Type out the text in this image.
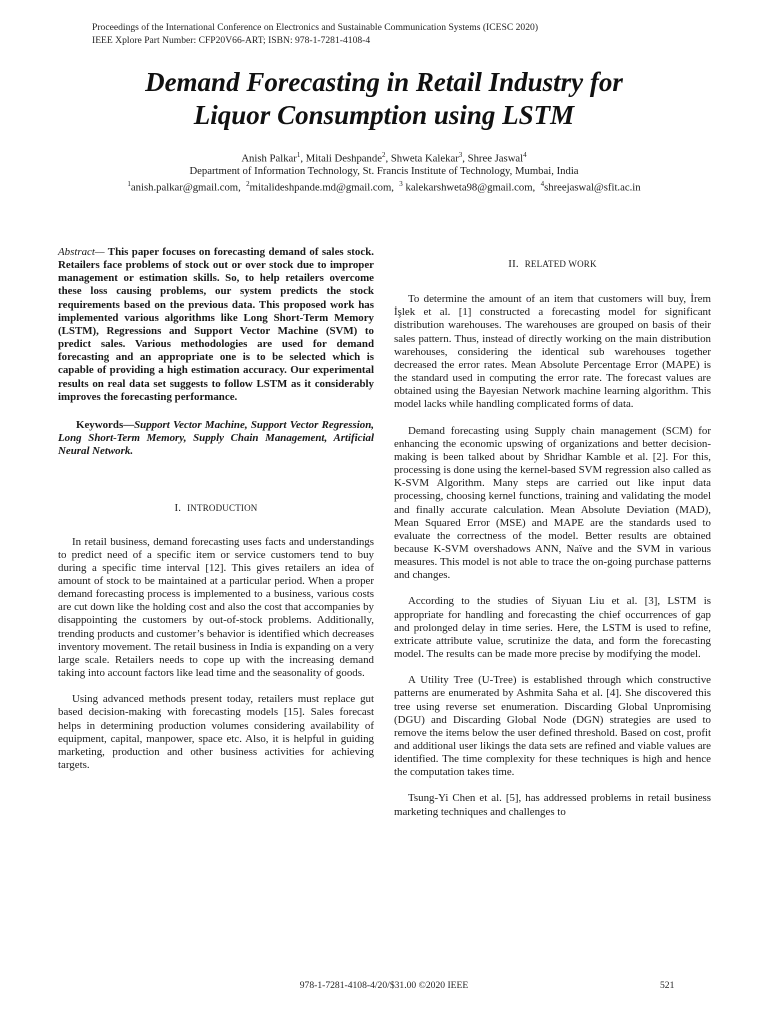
Proceedings of the International Conference on Electronics and Sustainable Communication Systems (ICESC 2020)
IEEE Xplore Part Number: CFP20V66-ART; ISBN: 978-1-7281-4108-4
Demand Forecasting in Retail Industry for
Liquor Consumption using LSTM
Anish Palkar$^1$, Mitali Deshpande$^2$, Shweta Kalekar$^3$, Shree Jaswal$^4$
Department of Information Technology, St. Francis Institute of Technology, Mumbai, India
$^1$anish.palkar@gmail.com, $^2$mitalideshpande.md@gmail.com, $^3$ kalekarshweta98@gmail.com, $^4$shreejaswal@sfit.ac.in

Abstract— This paper focuses on forecasting demand of sales stock. Retailers face problems of stock out or over stock due to improper management or estimation skills. So, to help retailers overcome these loss causing problems, our system predicts the stock requirements based on the previous data. This proposed work has implemented various algorithms like Long Short-Term Memory (LSTM), Regressions and Support Vector Machine (SVM) to predict sales. Various methodologies are used for demand forecasting and an appropriate one is to be selected which is capable of providing a high estimation accuracy. Our experimental results on real data set suggests to follow LSTM as it considerably improves the forecasting performance.

Keywords—Support Vector Machine, Support Vector Regression, Long Short-Term Memory, Supply Chain Management, Artificial Neural Network.

I. INTRODUCTION

In retail business, demand forecasting uses facts and understandings to predict need of a specific item or service customers tend to buy during a specific time interval [12]. This gives retailers an idea of amount of stock to be maintained at a particular period. When a proper demand forecasting process is implemented to a business, various costs are cut down like the holding cost and also the cost that accompanies by disappointing the customers by out-of-stock problems. Additionally, trending products and customer’s behavior is identified which decreases inventory movement. The retail business in India is expanding on a very large scale. Retailers needs to cope up with the increasing demand taking into account factors like lead time and the seasonality of goods.

Using advanced methods present today, retailers must replace gut based decision-making with forecasting models [15]. Sales forecast helps in determining production volumes considering availability of equipment, capital, manpower, space etc. Also, it is helpful in guiding marketing, production and other business activities for achieving targets.

II. RELATED WORK

To determine the amount of an item that customers will buy, İrem İşlek et al. [1] constructed a forecasting model for significant distribution warehouses. The warehouses are grouped on basis of their sales pattern. Thus, instead of directly working on the main distribution warehouses, considering the identical sub warehouses together decreased the error rates. Mean Absolute Percentage Error (MAPE) is the standard used in computing the error rate. The forecast values are obtained using the Bayesian Network machine learning algorithm. This model lacks while handling complicated forms of data.

Demand forecasting using Supply chain management (SCM) for enhancing the economic upswing of organizations and better decision-making is been talked about by Shridhar Kamble et al. [2]. For this, processing is done using the kernel-based SVM regression also called as K-SVM Algorithm. Many steps are carried out like input data processing, choosing kernel functions, training and validating the model and finally accurate calculation. Mean Absolute Deviation (MAD), Mean Squared Error (MSE) and MAPE are the standards used to evaluate the correctness of the model. Better results are obtained because K-SVM overshadows ANN, Naïve and the SVM in various measures. This model is not able to trace the on-going purchase patterns and changes.

According to the studies of Siyuan Liu et al. [3], LSTM is appropriate for handling and forecasting the chief occurrences of gap and prolonged delay in time series. Here, the LSTM is used to refine, extricate attribute value, scrutinize the data, and form the forecasting model. The results can be made more precise by modifying the model.

A Utility Tree (U-Tree) is established through which constructive patterns are enumerated by Ashmita Saha et al. [4]. She discovered this tree using reverse set enumeration. Discarding Global Unpromising (DGU) and Discarding Global Node (DGN) strategies are used to remove the items below the user defined threshold. Based on cost, profit and additional user likings the data sets are refined and viable values are identified. The time complexity for these techniques is high and hence the computation takes time.

Tsung-Yi Chen et al. [5], has addressed problems in retail business marketing techniques and challenges to

978-1-7281-4108-4/20/$31.00 ©2020 IEEE	521
